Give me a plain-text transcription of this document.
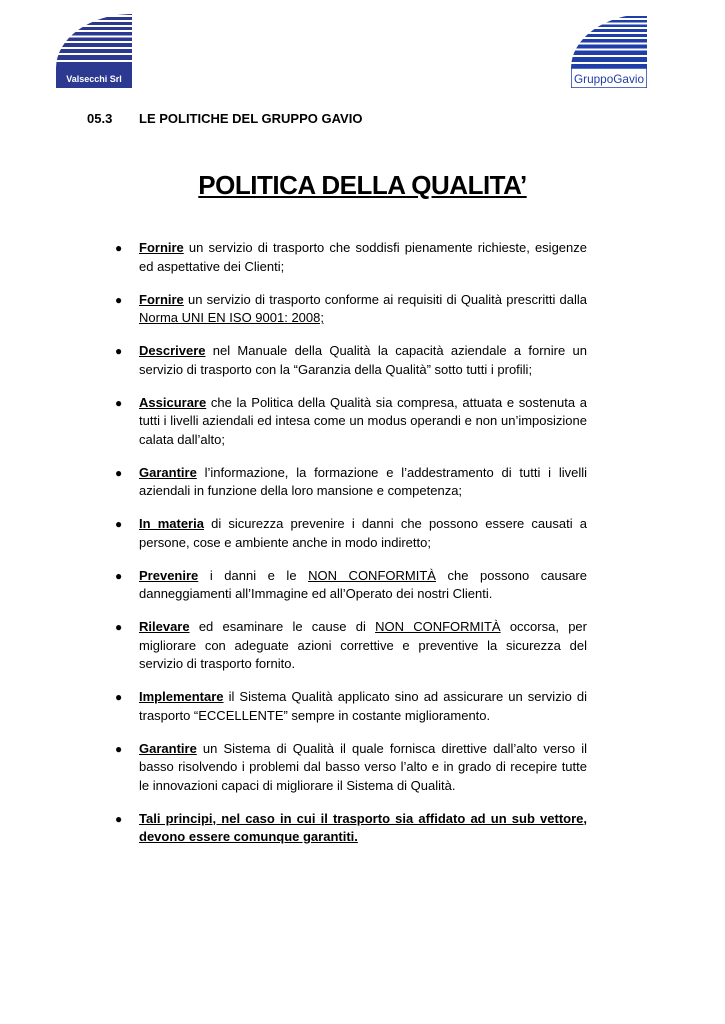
Valsecchi Srl	GruppoGavio
05.3 LE POLITICHE DEL GRUPPO GAVIO
POLITICA DELLA QUALITA’
● Fornire un servizio di trasporto che soddisfi pienamente richieste, esigenze ed aspettative dei Clienti;
● Fornire un servizio di trasporto conforme ai requisiti di Qualità prescritti dalla Norma UNI EN ISO 9001: 2008;
● Descrivere nel Manuale della Qualità la capacità aziendale a fornire un servizio di trasporto con la “Garanzia della Qualità” sotto tutti i profili;
● Assicurare che la Politica della Qualità sia compresa, attuata e sostenuta a tutti i livelli aziendali ed intesa come un modus operandi e non un’imposizione calata dall’alto;
● Garantire l’informazione, la formazione e l’addestramento di tutti i livelli aziendali in funzione della loro mansione e competenza;
● In materia di sicurezza prevenire i danni che possono essere causati a persone, cose e ambiente anche in modo indiretto;
● Prevenire i danni e le NON CONFORMITÀ che possono causare danneggiamenti all’Immagine ed all’Operato dei nostri Clienti.
● Rilevare ed esaminare le cause di NON CONFORMITÀ occorsa, per migliorare con adeguate azioni correttive e preventive la sicurezza del servizio di trasporto fornito.
● Implementare il Sistema Qualità applicato sino ad assicurare un servizio di trasporto “ECCELLENTE” sempre in costante miglioramento.
● Garantire un Sistema di Qualità il quale fornisca direttive dall’alto verso il basso risolvendo i problemi dal basso verso l’alto e in grado di recepire tutte le innovazioni capaci di migliorare il Sistema di Qualità.
● Tali principi, nel caso in cui il trasporto sia affidato ad un sub vettore, devono essere comunque garantiti.
